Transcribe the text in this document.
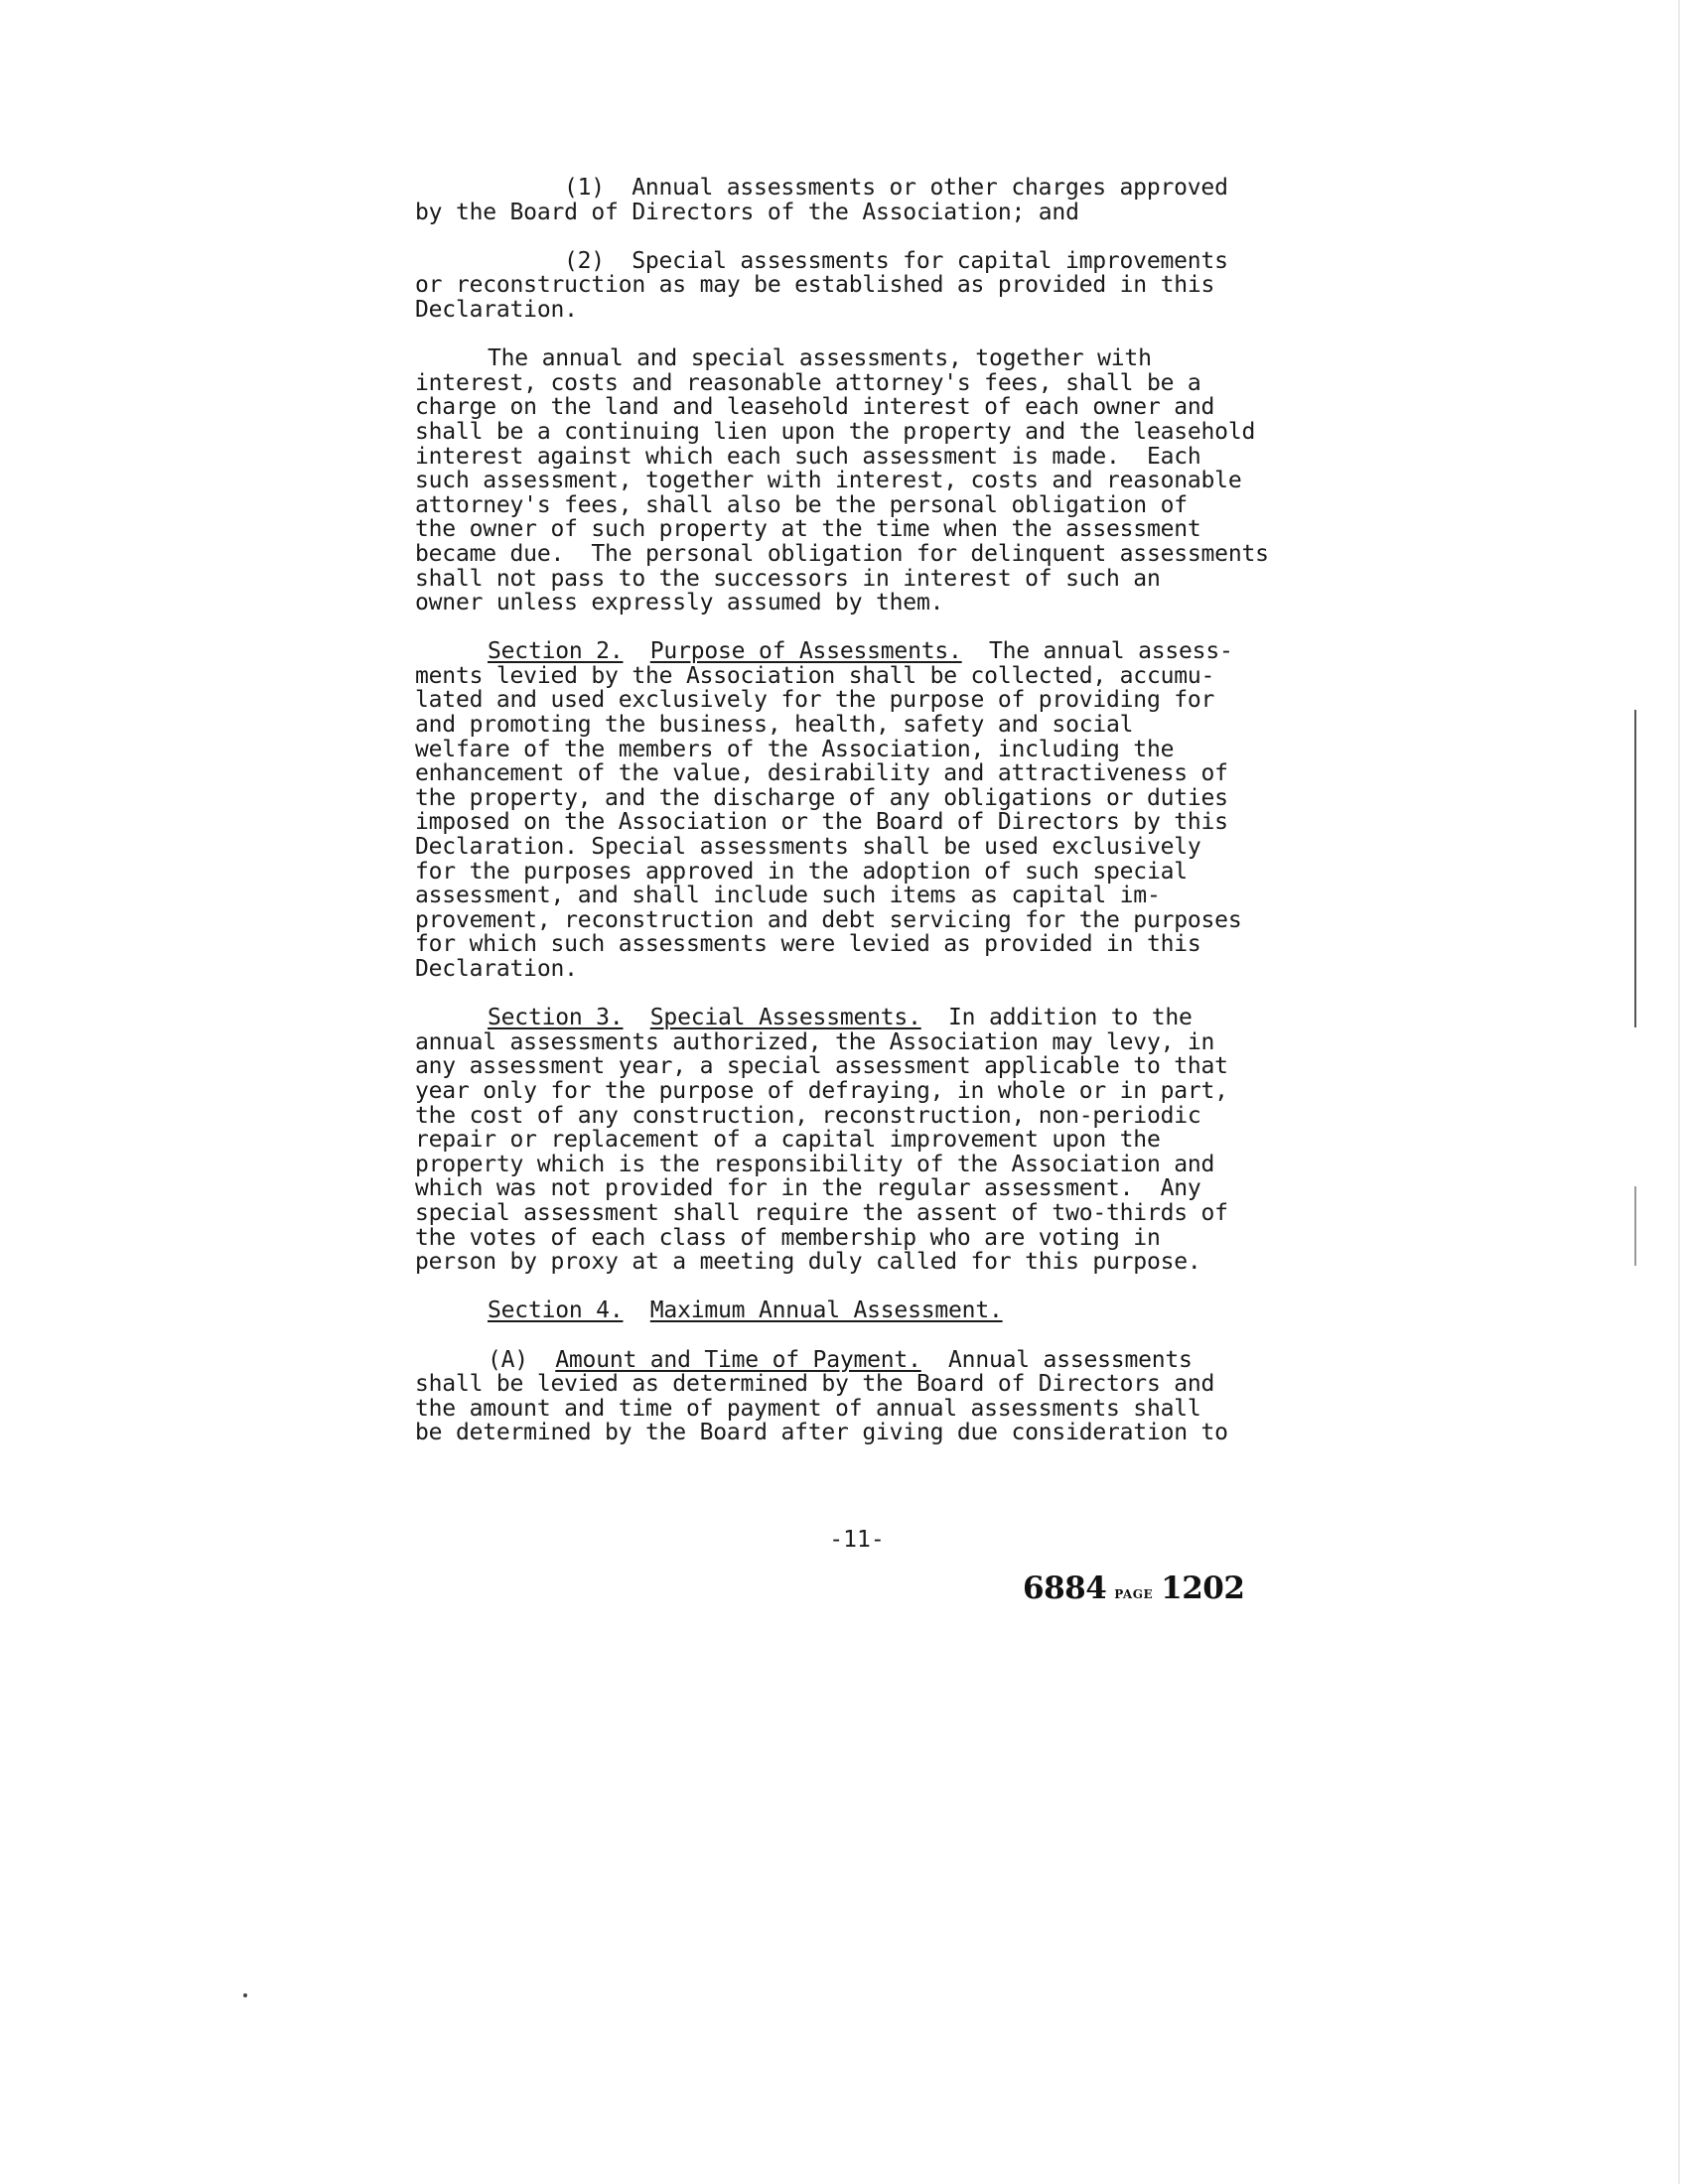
(1)  Annual assessments or other charges approved
by the Board of Directors of the Association; and
(2)  Special assessments for capital improvements
or reconstruction as may be established as provided in this
Declaration.
The annual and special assessments, together with
interest, costs and reasonable attorney's fees, shall be a
charge on the land and leasehold interest of each owner and
shall be a continuing lien upon the property and the leasehold
interest against which each such assessment is made.  Each
such assessment, together with interest, costs and reasonable
attorney's fees, shall also be the personal obligation of
the owner of such property at the time when the assessment
became due.  The personal obligation for delinquent assessments
shall not pass to the successors in interest of such an
owner unless expressly assumed by them.
Section 2. Purpose of Assessments.  The annual assess-
ments levied by the Association shall be collected, accumu-
lated and used exclusively for the purpose of providing for
and promoting the business, health, safety and social
welfare of the members of the Association, including the
enhancement of the value, desirability and attractiveness of
the property, and the discharge of any obligations or duties
imposed on the Association or the Board of Directors by this
Declaration. Special assessments shall be used exclusively
for the purposes approved in the adoption of such special
assessment, and shall include such items as capital im-
provement, reconstruction and debt servicing for the purposes
for which such assessments were levied as provided in this
Declaration.
Section 3. Special Assessments.  In addition to the
annual assessments authorized, the Association may levy, in
any assessment year, a special assessment applicable to that
year only for the purpose of defraying, in whole or in part,
the cost of any construction, reconstruction, non-periodic
repair or replacement of a capital improvement upon the
property which is the responsibility of the Association and
which was not provided for in the regular assessment.  Any
special assessment shall require the assent of two-thirds of
the votes of each class of membership who are voting in
person by proxy at a meeting duly called for this purpose.
Section 4. Maximum Annual Assessment.
(A)  Amount and Time of Payment.  Annual assessments
shall be levied as determined by the Board of Directors and
the amount and time of payment of annual assessments shall
be determined by the Board after giving due consideration to
-11-
6884 PAGE 1202
